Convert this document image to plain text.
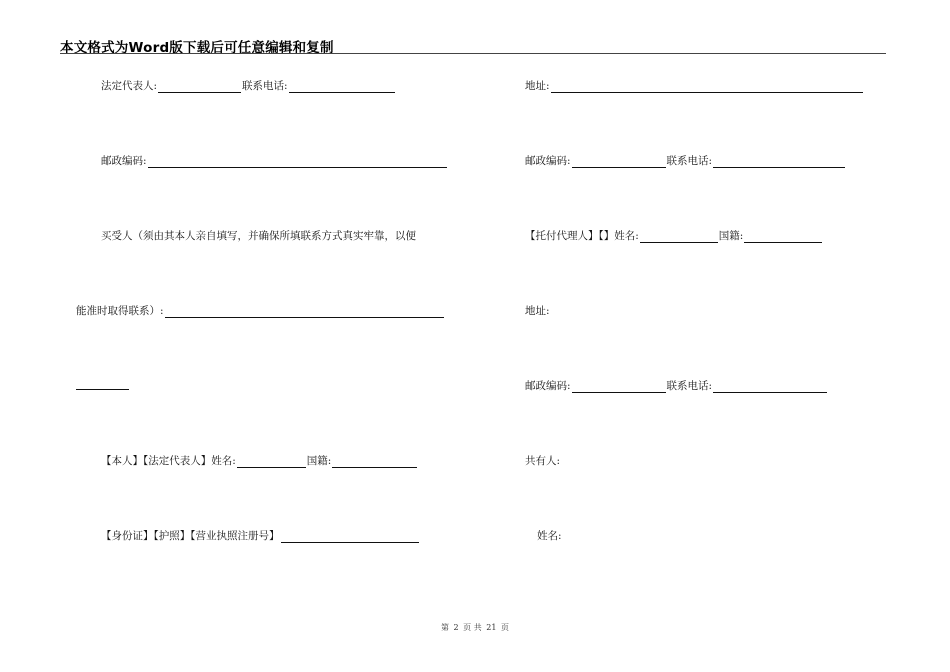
本文格式为Word版下载后可任意编辑和复制
法定代表人:	联系电话:
邮政编码:
买受人（须由其本人亲自填写，并确保所填联系方式真实牢靠，以便
能准时取得联系）:
【本人】【法定代表人】姓名:	国籍:
【身份证】【护照】【营业执照注册号】
地址:
邮政编码:	联系电话:
【托付代理人】【】姓名:	国籍:
地址:
邮政编码:	联系电话:
共有人:
姓名:
第 2 页 共 21 页
